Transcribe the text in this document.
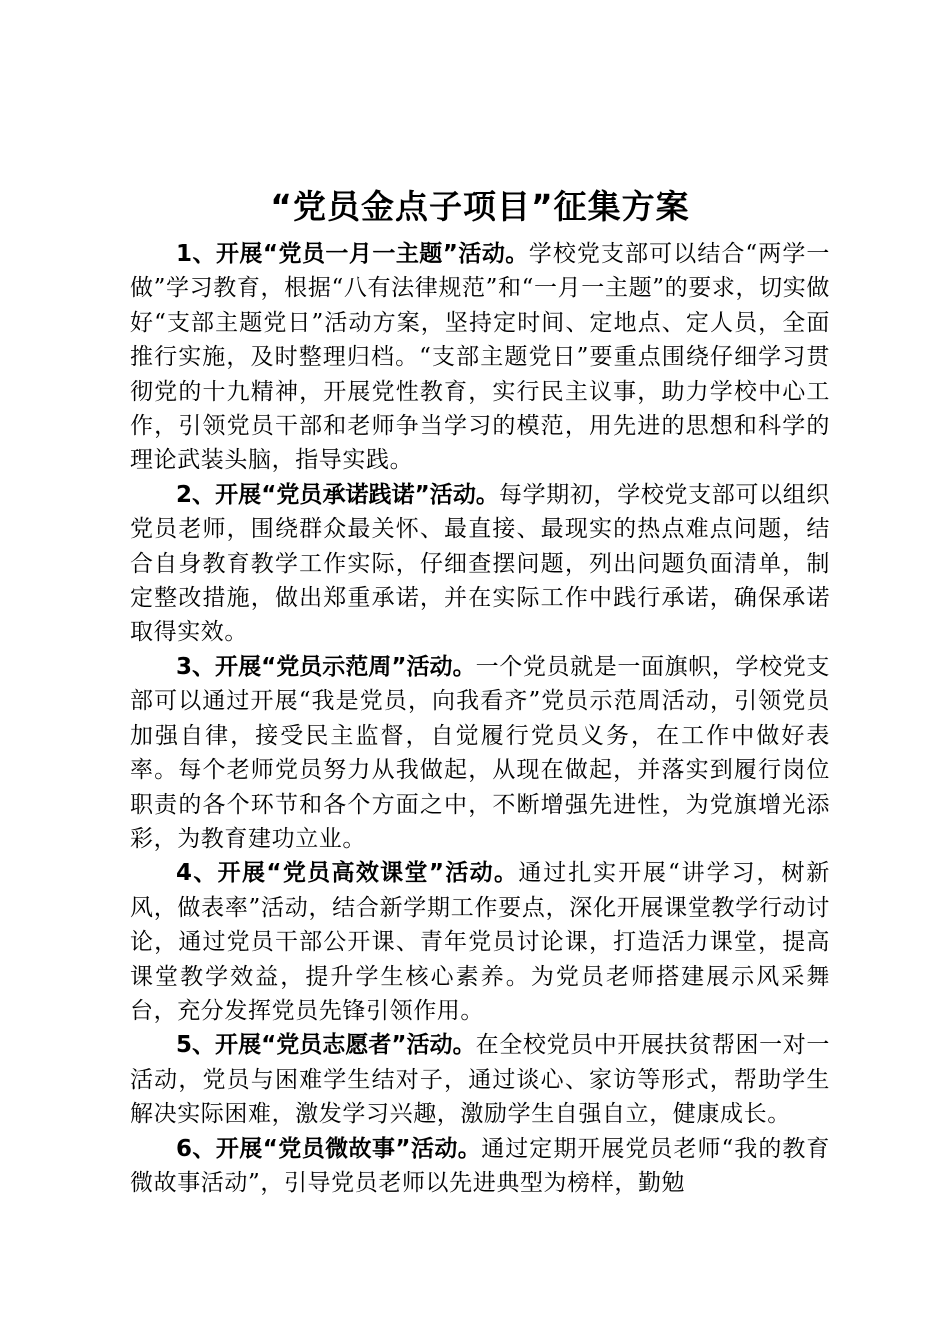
“党员金点子项目”征集方案

1、开展“党员一月一主题”活动。学校党支部可以结合“两学一做”学习教育，根据“八有法律规范”和“一月一主题”的要求，切实做好“支部主题党日”活动方案，坚持定时间、定地点、定人员，全面推行实施，及时整理归档。“支部主题党日”要重点围绕仔细学习贯彻党的十九精神，开展党性教育，实行民主议事，助力学校中心工作，引领党员干部和老师争当学习的模范，用先进的思想和科学的理论武装头脑，指导实践。

2、开展“党员承诺践诺”活动。每学期初，学校党支部可以组织党员老师，围绕群众最关怀、最直接、最现实的热点难点问题，结合自身教育教学工作实际，仔细查摆问题，列出问题负面清单，制定整改措施，做出郑重承诺，并在实际工作中践行承诺，确保承诺取得实效。

3、开展“党员示范周”活动。一个党员就是一面旗帜，学校党支部可以通过开展“我是党员，向我看齐”党员示范周活动，引领党员加强自律，接受民主监督，自觉履行党员义务，在工作中做好表率。每个老师党员努力从我做起，从现在做起，并落实到履行岗位职责的各个环节和各个方面之中，不断增强先进性，为党旗增光添彩，为教育建功立业。

4、开展“党员高效课堂”活动。通过扎实开展“讲学习，树新风，做表率”活动，结合新学期工作要点，深化开展课堂教学行动讨论，通过党员干部公开课、青年党员讨论课，打造活力课堂，提高课堂教学效益，提升学生核心素养。为党员老师搭建展示风采舞台，充分发挥党员先锋引领作用。

5、开展“党员志愿者”活动。在全校党员中开展扶贫帮困一对一活动，党员与困难学生结对子，通过谈心、家访等形式，帮助学生解决实际困难，激发学习兴趣，激励学生自强自立，健康成长。

6、开展“党员微故事”活动。通过定期开展党员老师“我的教育微故事活动”，引导党员老师以先进典型为榜样，勤勉
